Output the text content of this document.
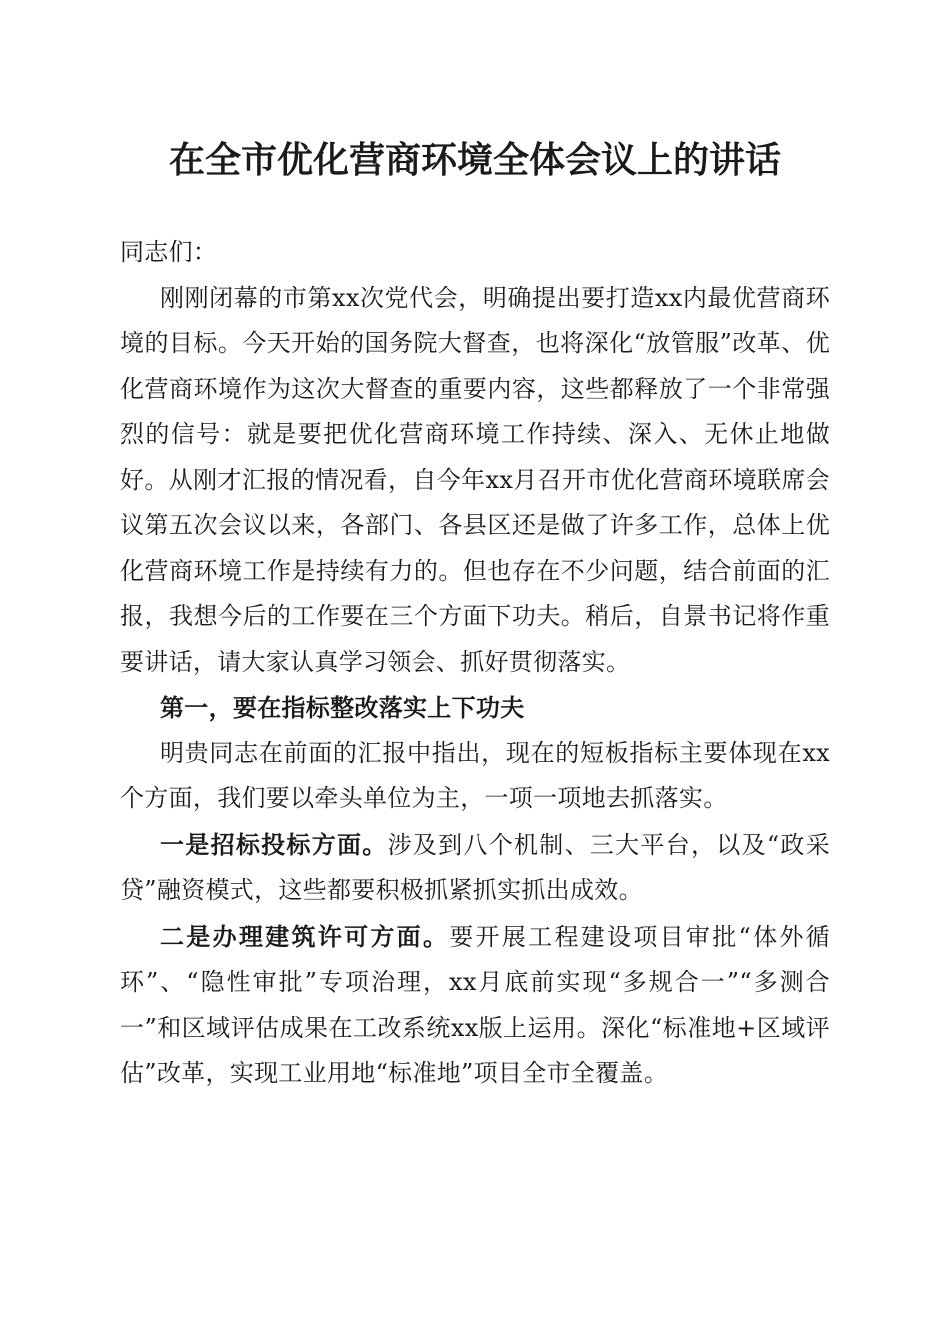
在全市优化营商环境全体会议上的讲话

同志们：

刚刚闭幕的市第xx次党代会，明确提出要打造xx内最优营商环境的目标。今天开始的国务院大督查，也将深化“放管服”改革、优化营商环境作为这次大督查的重要内容，这些都释放了一个非常强烈的信号：就是要把优化营商环境工作持续、深入、无休止地做好。从刚才汇报的情况看，自今年xx月召开市优化营商环境联席会议第五次会议以来，各部门、各县区还是做了许多工作，总体上优化营商环境工作是持续有力的。但也存在不少问题，结合前面的汇报，我想今后的工作要在三个方面下功夫。稍后，自景书记将作重要讲话，请大家认真学习领会、抓好贯彻落实。

第一，要在指标整改落实上下功夫

明贵同志在前面的汇报中指出，现在的短板指标主要体现在xx个方面，我们要以牵头单位为主，一项一项地去抓落实。

一是招标投标方面。涉及到八个机制、三大平台，以及“政采贷”融资模式，这些都要积极抓紧抓实抓出成效。

二是办理建筑许可方面。要开展工程建设项目审批“体外循环”、“隐性审批”专项治理，xx月底前实现“多规合一”“多测合一”和区域评估成果在工改系统xx版上运用。深化“标准地+区域评估”改革，实现工业用地“标准地”项目全市全覆盖。
